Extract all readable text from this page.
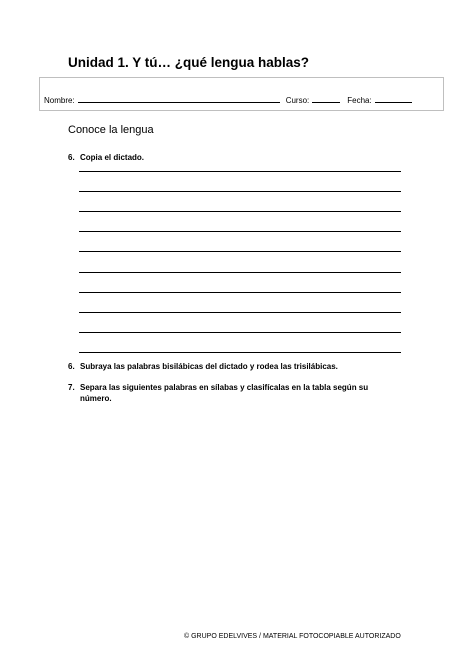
Unidad 1. Y tú… ¿qué lengua hablas?
Nombre:	Curso:	Fecha:
Conoce la lengua
6. Copia el dictado.
6. Subraya las palabras bisilábicas del dictado y rodea las trisilábicas.
7. Separa las siguientes palabras en sílabas y clasifícalas en la tabla según su
número.
© GRUPO EDELVIVES / MATERIAL FOTOCOPIABLE AUTORIZADO
